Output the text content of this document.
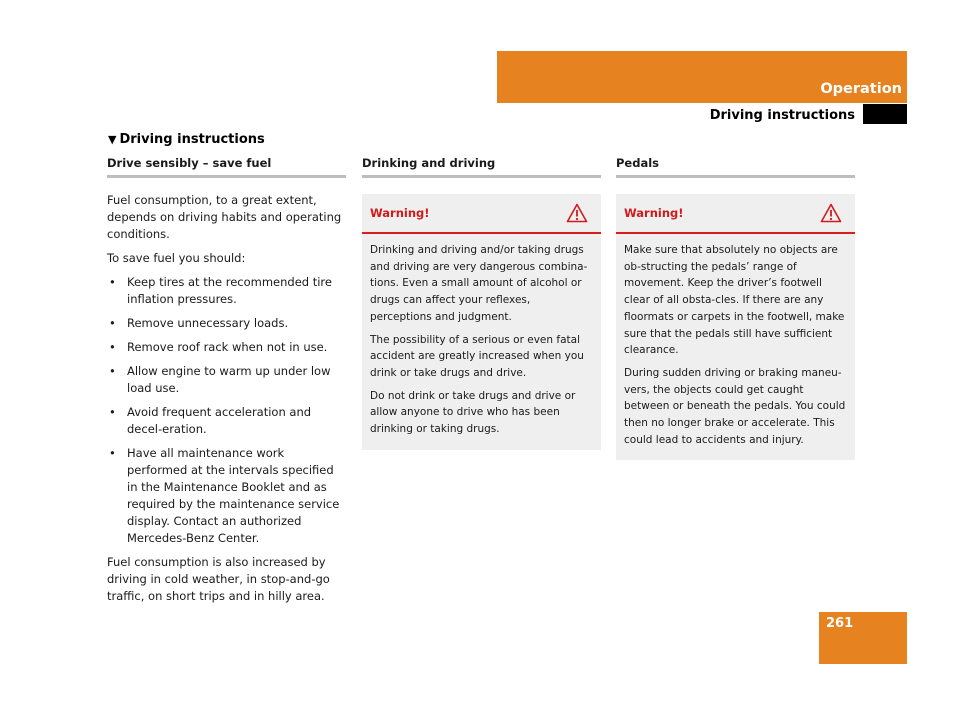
Operation
Driving instructions
▼ Driving instructions
Drive sensibly – save fuel

Fuel consumption, to a great extent, depends on driving habits and operating conditions.

To save fuel you should:

• Keep tires at the recommended tire inflation pressures.
• Remove unnecessary loads.
• Remove roof rack when not in use.
• Allow engine to warm up under low load use.
• Avoid frequent acceleration and decel-eration.
• Have all maintenance work performed at the intervals specified in the Maintenance Booklet and as required by the maintenance service display. Contact an authorized Mercedes-Benz Center.

Fuel consumption is also increased by driving in cold weather, in stop-and-go traffic, on short trips and in hilly area.

Drinking and driving
Warning!

Drinking and driving and/or taking drugs and driving are very dangerous combina-tions. Even a small amount of alcohol or drugs can affect your reflexes, perceptions and judgment.

The possibility of a serious or even fatal accident are greatly increased when you drink or take drugs and drive.

Do not drink or take drugs and drive or allow anyone to drive who has been drinking or taking drugs.

Pedals
Warning!

Make sure that absolutely no objects are ob-structing the pedals’ range of movement. Keep the driver’s footwell clear of all obsta-cles. If there are any floormats or carpets in the footwell, make sure that the pedals still have sufficient clearance.

During sudden driving or braking maneu-vers, the objects could get caught between or beneath the pedals. You could then no longer brake or accelerate. This could lead to accidents and injury.

261
